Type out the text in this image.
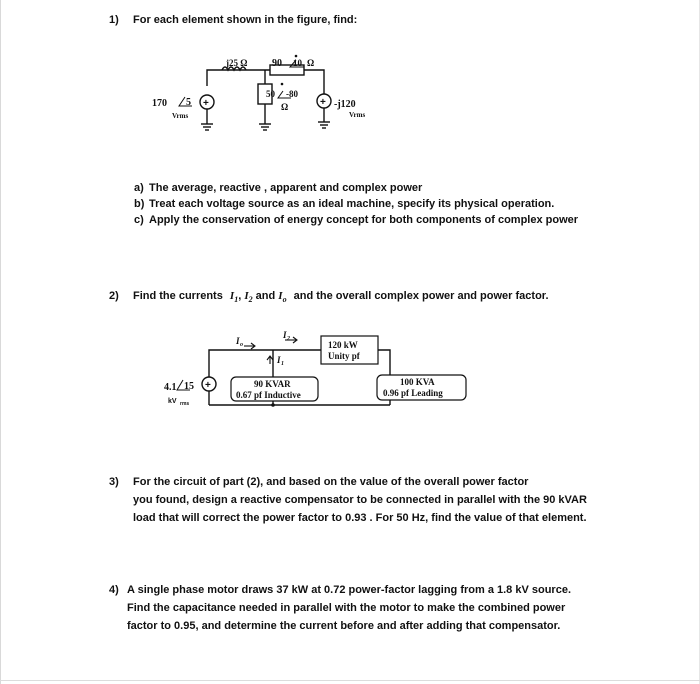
1) For each element shown in the figure, find:
+	+
170 5
Vrms
j25 Ω 90 10 Ω
50 -80
Ω	-j120
Vrms
a) The average, reactive , apparent and complex power
b) Treat each voltage source as an ideal machine, specify its physical operation.
c) Apply the conservation of energy concept for both components of complex power
2) Find the currents $I_1$, $I_2$ and $I_o$ and the overall complex power and power factor.
+
4.1 15
kV rms
I o
I 2
I 1
120 kW
Unity pf
90 KVAR
0.67 pf Inductive
100 KVA
0.96 pf Leading
3) For the circuit of part (2), and based on the value of the overall power factor
you found, design a reactive compensator to be connected in parallel with the 90 kVAR
load that will correct the power factor to 0.93 . For 50 Hz, find the value of that element.
4) A single phase motor draws 37 kW at 0.72 power-factor lagging from a 1.8 kV source.
Find the capacitance needed in parallel with the motor to make the combined power
factor to 0.95, and determine the current before and after adding that compensator.
